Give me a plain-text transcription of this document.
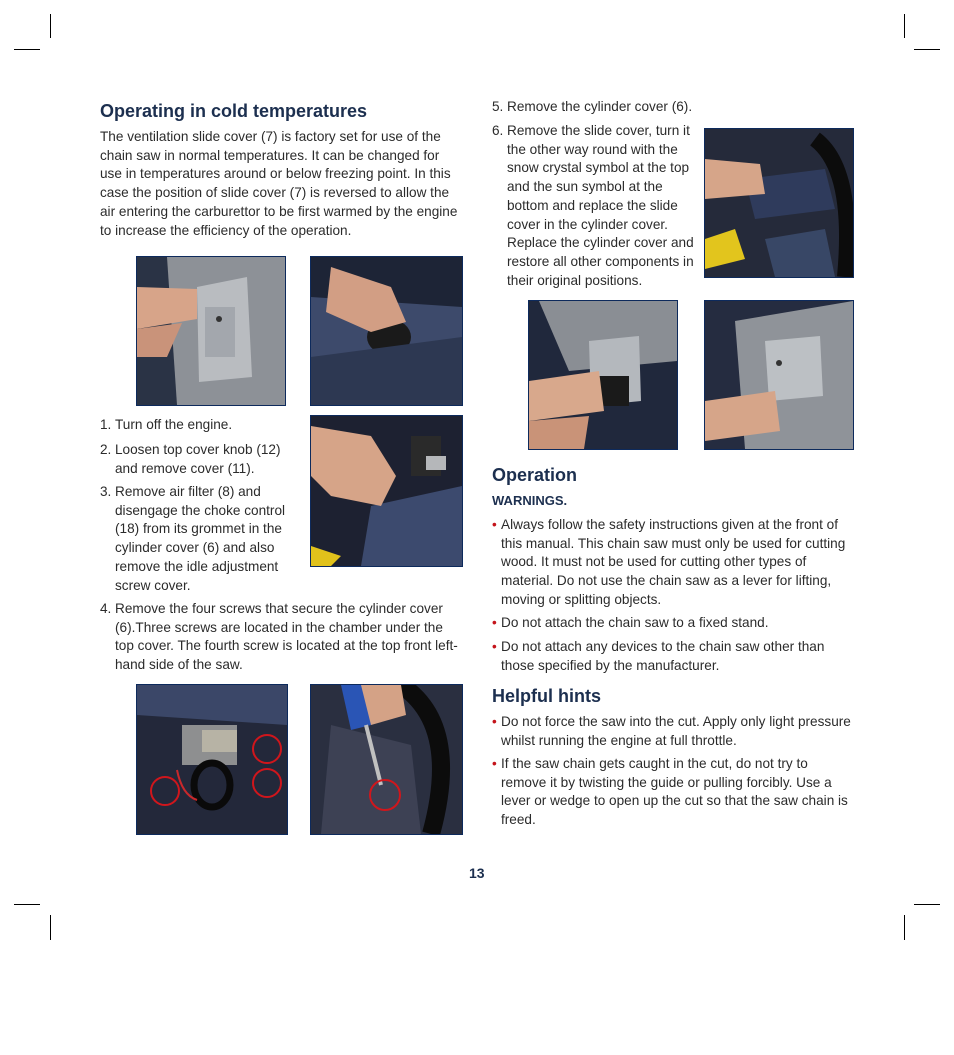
Operating in cold temperatures

The ventilation slide cover (7) is factory set for use of the chain saw in normal temperatures. It can be changed for use in temperatures around or below freezing point. In this case the position of slide cover (7) is reversed to allow the air entering the carburettor to be first warmed by the engine to increase the efficiency of the operation.

1. Turn off the engine.
2. Loosen top cover knob (12) and remove cover (11).
3. Remove air filter (8) and disengage the choke control (18) from its grommet in the cylinder cover (6) and also remove the idle adjustment screw cover.
4. Remove the four screws that secure the cylinder cover (6).Three screws are located in the chamber under the top cover. The fourth screw is located at the top front left-hand side of the saw.
5. Remove the cylinder cover (6).
6. Remove the slide cover, turn it the other way round with the snow crystal symbol at the top and the sun symbol at the bottom and replace the slide cover in the cylinder cover. Replace the cylinder cover and restore all other components in their original positions.
Operation
WARNINGS.
• Always follow the safety instructions given at the front of this manual. This chain saw must only be used for cutting wood. It must not be used for cutting other types of material. Do not use the chain saw as a lever for lifting, moving or splitting objects.
• Do not attach the chain saw to a fixed stand.
• Do not attach any devices to the chain saw other than those specified by the manufacturer.
Helpful hints
• Do not force the saw into the cut. Apply only light pressure whilst running the engine at full throttle.
• If the saw chain gets caught in the cut, do not try to remove it by twisting the guide or pulling forcibly. Use a lever or wedge to open up the cut so that the saw chain is freed.
13
